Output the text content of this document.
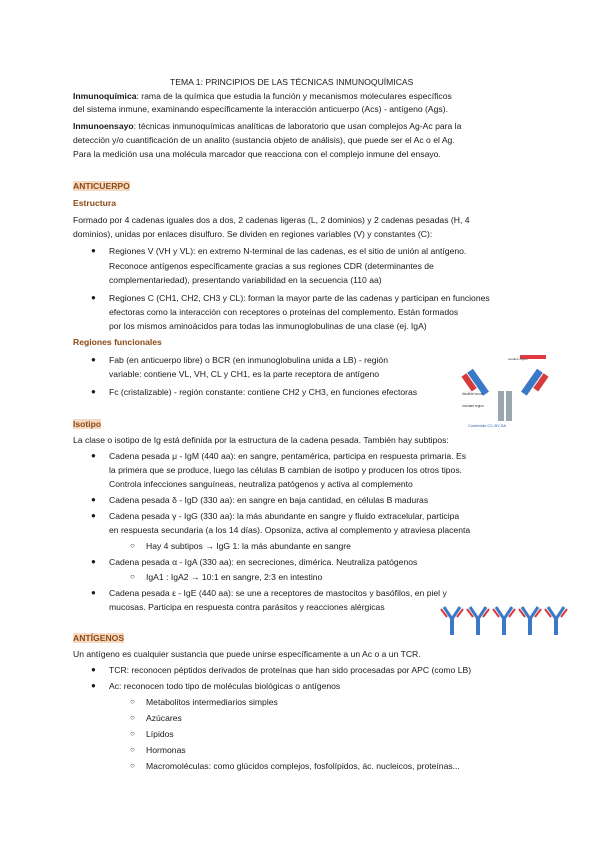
TEMA 1: PRINCIPIOS DE LAS TÉCNICAS INMUNOQUÍMICAS
Inmunoquímica: rama de la química que estudia la función y mecanismos moleculares específicos
del sistema inmune, examinando específicamente la interacción anticuerpo (Acs) - antígeno (Ags).
Inmunoensayo: técnicas inmunoquímicas analíticas de laboratorio que usan complejos Ag-Ac para la
detección y/o cuantificación de un analito (sustancia objeto de análisis), que puede ser el Ac o el Ag.
Para la medición usa una molécula marcador que reacciona con el complejo inmune del ensayo.
ANTICUERPO
Estructura
Formado por 4 cadenas iguales dos a dos, 2 cadenas ligeras (L, 2 dominios) y 2 cadenas pesadas (H, 4
dominios), unidas por enlaces disulfuro. Se dividen en regiones variables (V) y constantes (C):
● Regiones V (VH y VL): en extremo N-terminal de las cadenas, es el sitio de unión al antígeno.
Reconoce antígenos específicamente gracias a sus regiones CDR (determinantes de
complementariedad), presentando variabilidad en la secuencia (110 aa)
● Regiones C (CH1, CH2, CH3 y CL): forman la mayor parte de las cadenas y participan en funciones
efectoras como la interacción con receptores o proteínas del complemento. Están formados
por los mismos aminoácidos para todas las inmunoglobulinas de una clase (ej. IgA)
Regiones funcionales
● Fab (en anticuerpo libre) o BCR (en inmunoglobulina unida a LB) - región
variable: contiene VL, VH, CL y CH1, es la parte receptora de antígeno
● Fc (cristalizable) - región constante: contiene CH2 y CH3, en funciones efectoras	disulfide bonds
constant region
variable region
Contenido CC-BY-SA
Isotipo
La clase o isotipo de Ig está definida por la estructura de la cadena pesada. También hay subtipos:
● Cadena pesada μ - IgM (440 aa): en sangre, pentamérica, participa en respuesta primaria. Es
la primera que se produce, luego las células B cambian de isotipo y producen los otros tipos.
Controla infecciones sanguíneas, neutraliza patógenos y activa al complemento
● Cadena pesada δ - IgD (330 aa): en sangre en baja cantidad, en células B maduras
● Cadena pesada γ - IgG (330 aa): la más abundante en sangre y fluido extracelular, participa
en respuesta secundaria (a los 14 días). Opsoniza, activa al complemento y atraviesa placenta
○ Hay 4 subtipos → IgG 1: la más abundante en sangre
● Cadena pesada α - IgA (330 aa): en secreciones, dimérica. Neutraliza patógenos
○ IgA1 : IgA2 → 10:1 en sangre, 2:3 en intestino
● Cadena pesada ε - IgE (440 aa): se une a receptores de mastocitos y basófilos, en piel y
mucosas. Participa en respuesta contra parásitos y reacciones alérgicas
ANTÍGENOS
Un antígeno es cualquier sustancia que puede unirse específicamente a un Ac o a un TCR.
● TCR: reconocen péptidos derivados de proteínas que han sido procesadas por APC (como LB)
● Ac: reconocen todo tipo de moléculas biológicas o antígenos
○ Metabolitos intermediarios simples
○ Azúcares
○ Lípidos
○ Hormonas
○ Macromoléculas: como glúcidos complejos, fosfolípidos, ác. nucleicos, proteínas...
